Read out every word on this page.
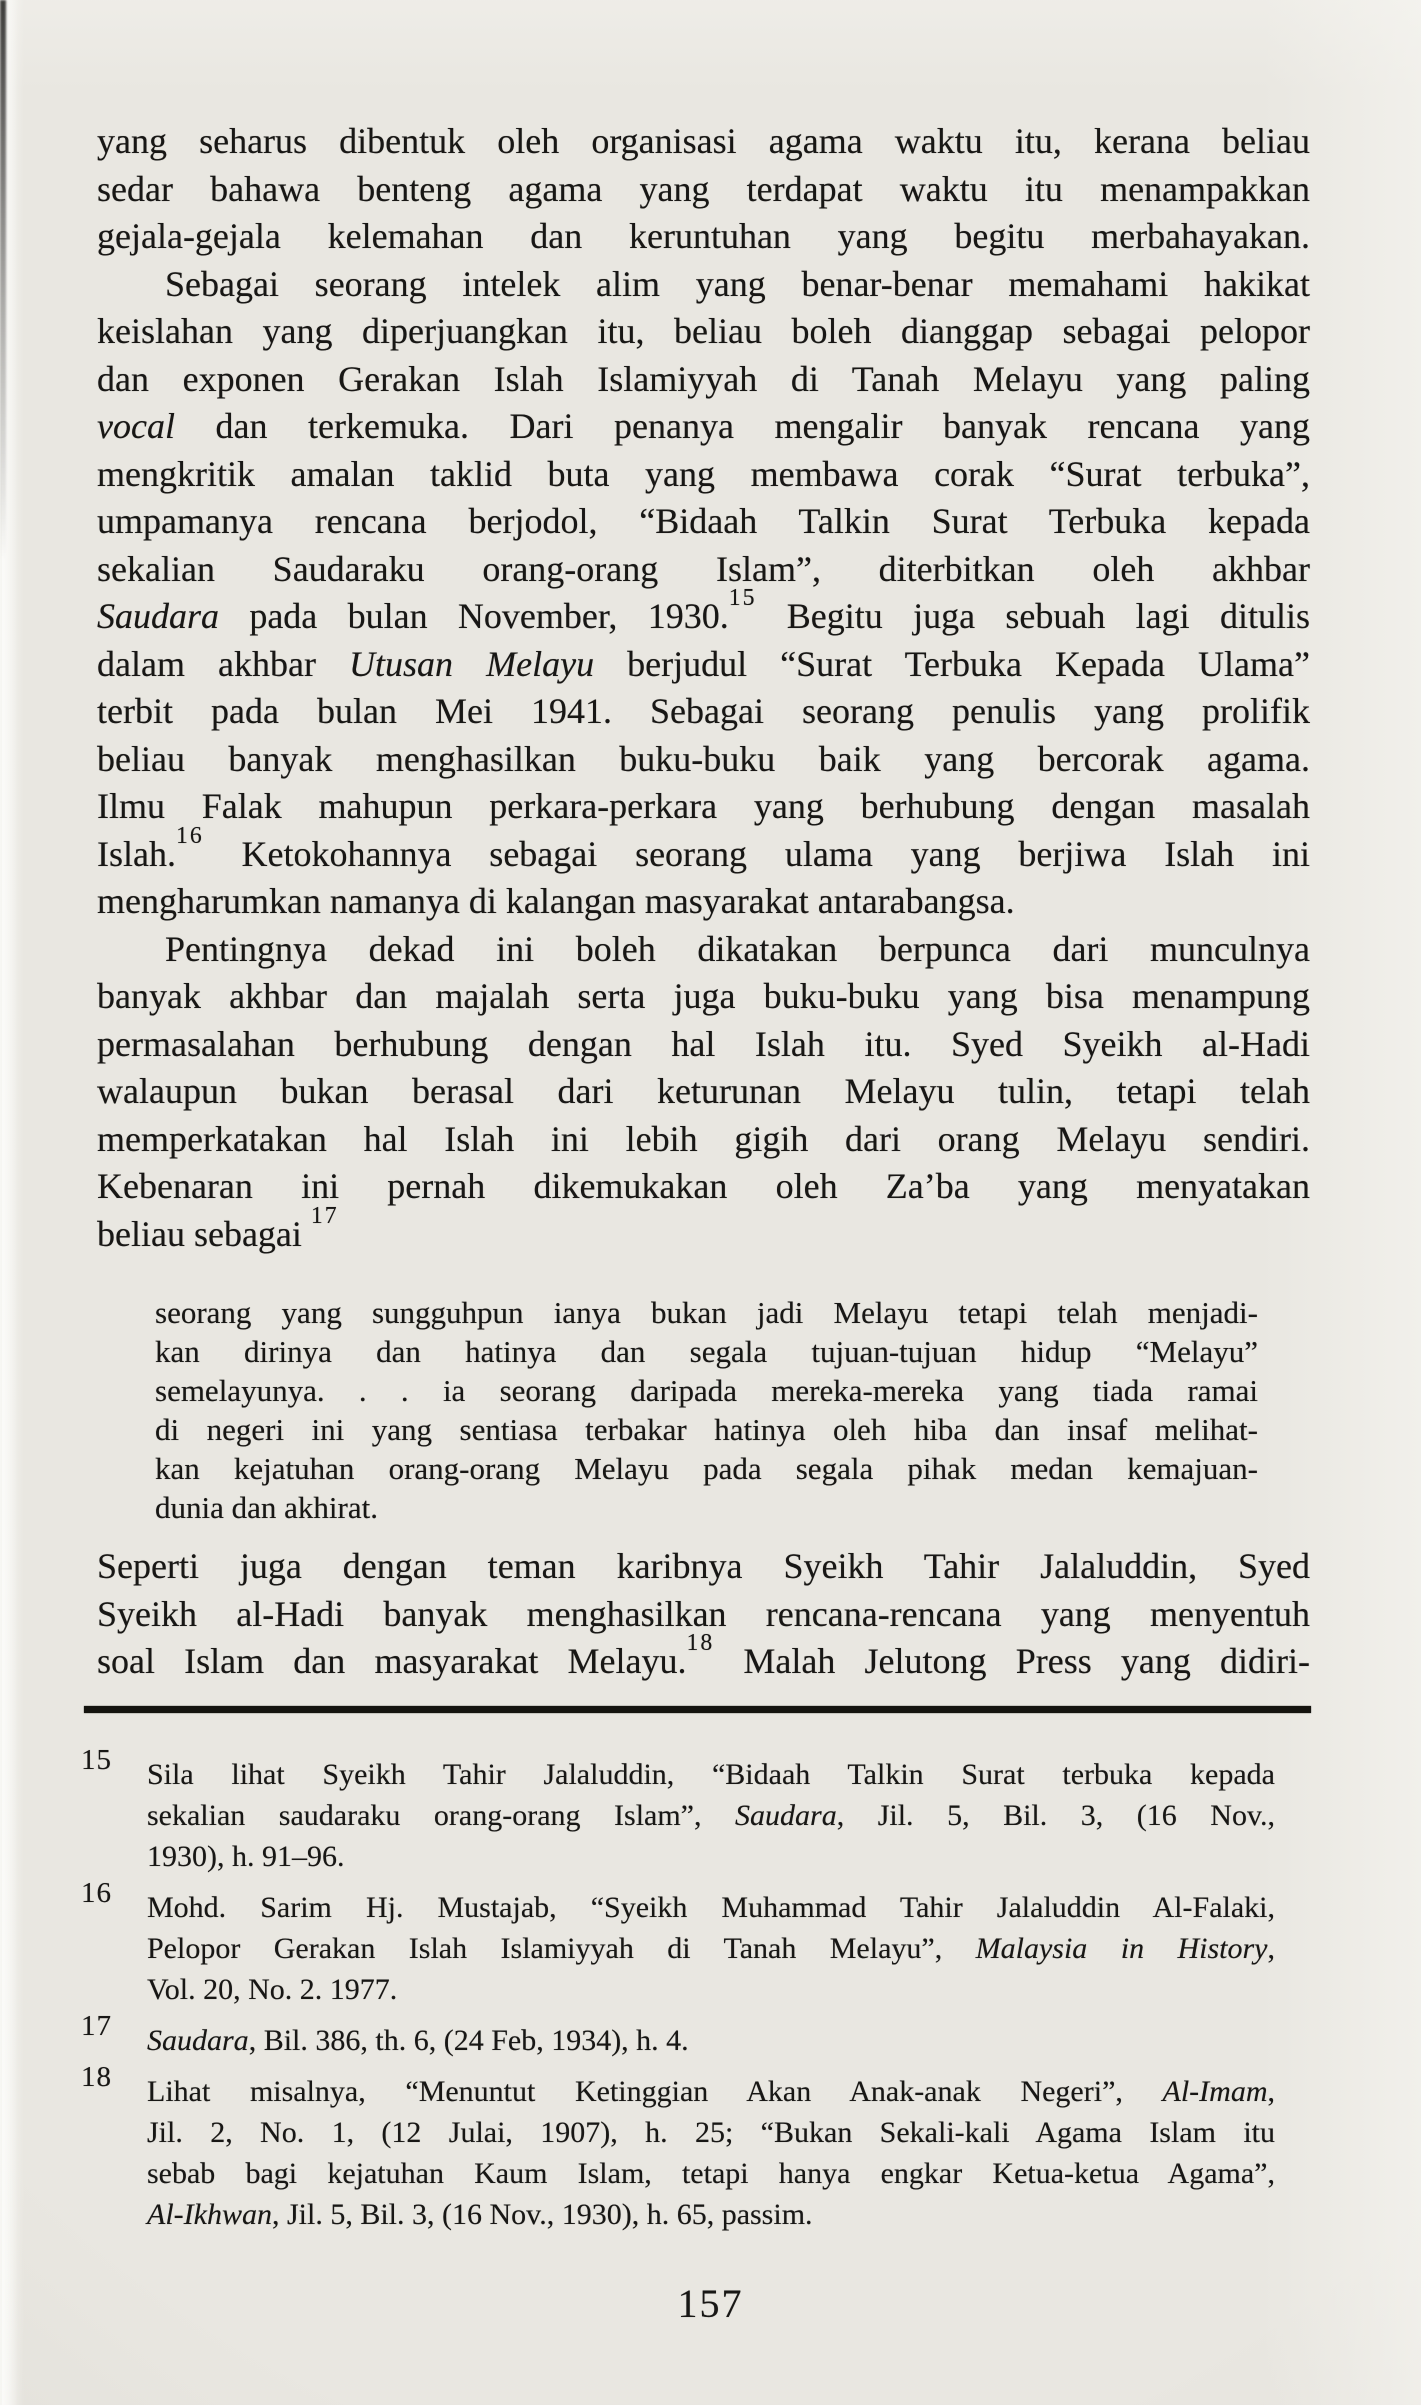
yang seharus dibentuk oleh organisasi agama waktu itu, kerana beliau
sedar bahawa benteng agama yang terdapat waktu itu menampakkan
gejala-gejala kelemahan dan keruntuhan yang begitu merbahayakan.
Sebagai seorang intelek alim yang benar-benar memahami hakikat
keislahan yang diperjuangkan itu, beliau boleh dianggap sebagai pelopor
dan exponen Gerakan Islah Islamiyyah di Tanah Melayu yang paling
vocal dan terkemuka. Dari penanya mengalir banyak rencana yang
mengkritik amalan taklid buta yang membawa corak “Surat terbuka”,
umpamanya rencana berjodol, “Bidaah Talkin Surat Terbuka kepada
sekalian Saudaraku orang-orang Islam”, diterbitkan oleh akhbar
Saudara pada bulan November, 1930.15 Begitu juga sebuah lagi ditulis
dalam akhbar Utusan Melayu berjudul “Surat Terbuka Kepada Ulama”
terbit pada bulan Mei 1941. Sebagai seorang penulis yang prolifik
beliau banyak menghasilkan buku-buku baik yang bercorak agama.
Ilmu Falak mahupun perkara-perkara yang berhubung dengan masalah
Islah.$^{16}$ Ketokohannya sebagai seorang ulama yang berjiwa Islah ini
mengharumkan namanya di kalangan masyarakat antarabangsa.
Pentingnya dekad ini boleh dikatakan berpunca dari munculnya
banyak akhbar dan majalah serta juga buku-buku yang bisa menampung
permasalahan berhubung dengan hal Islah itu. Syed Syeikh al-Hadi
walaupun bukan berasal dari keturunan Melayu tulin, tetapi telah
memperkatakan hal Islah ini lebih gigih dari orang Melayu sendiri.
Kebenaran ini pernah dikemukakan oleh Za’ba yang menyatakan
beliau sebagai $^{17}$
seorang yang sungguhpun ianya bukan jadi Melayu tetapi telah menjadi-
kan dirinya dan hatinya dan segala tujuan-tujuan hidup “Melayu”
semelayunya. . . ia seorang daripada mereka-mereka yang tiada ramai
di negeri ini yang sentiasa terbakar hatinya oleh hiba dan insaf melihat-
kan kejatuhan orang-orang Melayu pada segala pihak medan kemajuan-
dunia dan akhirat.
Seperti juga dengan teman karibnya Syeikh Tahir Jalaluddin, Syed
Syeikh al-Hadi banyak menghasilkan rencana-rencana yang menyentuh
soal Islam dan masyarakat Melayu.$^{18}$ Malah Jelutong Press yang didiri-
15 Sila lihat Syeikh Tahir Jalaluddin, “Bidaah Talkin Surat terbuka kepada
sekalian saudaraku orang-orang Islam”, Saudara, Jil. 5, Bil. 3, (16 Nov.,
1930), h. 91–96.
16 Mohd. Sarim Hj. Mustajab, “Syeikh Muhammad Tahir Jalaluddin Al-Falaki,
Pelopor Gerakan Islah Islamiyyah di Tanah Melayu”, Malaysia in History,
Vol. 20, No. 2. 1977.
17 Saudara, Bil. 386, th. 6, (24 Feb, 1934), h. 4.
18 Lihat misalnya, “Menuntut Ketinggian Akan Anak-anak Negeri”, Al-Imam,
Jil. 2, No. 1, (12 Julai, 1907), h. 25; “Bukan Sekali-kali Agama Islam itu
sebab bagi kejatuhan Kaum Islam, tetapi hanya engkar Ketua-ketua Agama”,
Al-Ikhwan, Jil. 5, Bil. 3, (16 Nov., 1930), h. 65, passim.
157
